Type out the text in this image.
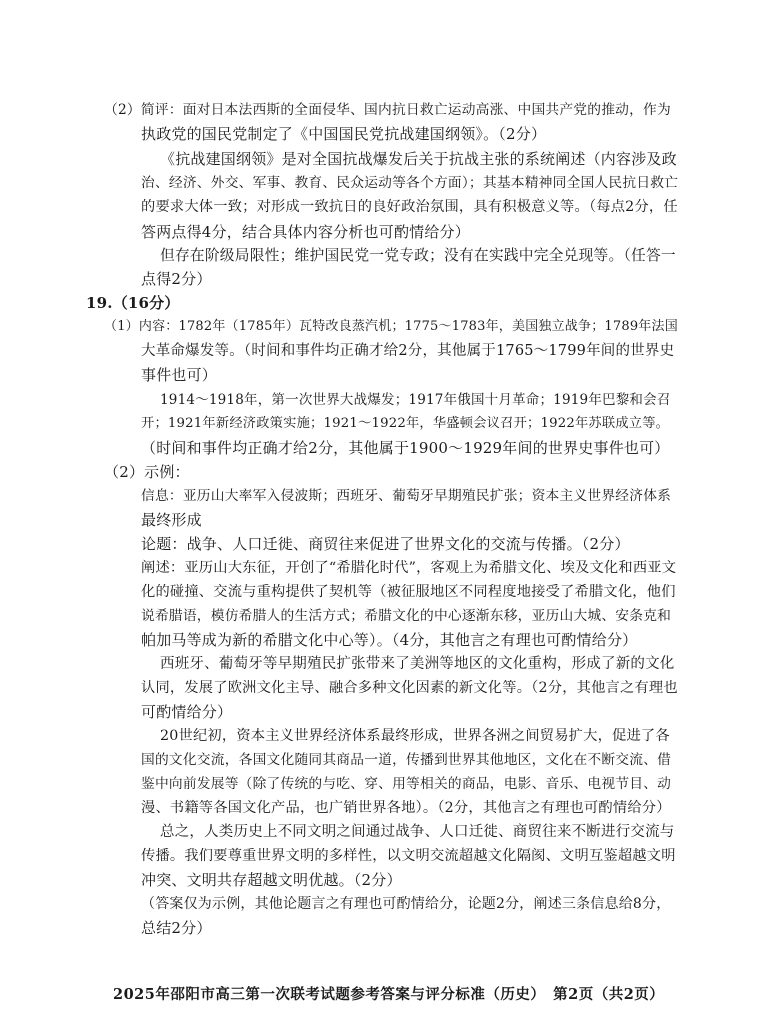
（2）简评：面对日本法西斯的全面侵华、国内抗日救亡运动高涨、中国共产党的推动，作为
执政党的国民党制定了《中国国民党抗战建国纲领》。（2分）
《抗战建国纲领》是对全国抗战爆发后关于抗战主张的系统阐述（内容涉及政
治、经济、外交、军事、教育、民众运动等各个方面）；其基本精神同全国人民抗日救亡
的要求大体一致；对形成一致抗日的良好政治氛围，具有积极意义等。（每点2分，任
答两点得4分，结合具体内容分析也可酌情给分）
但存在阶级局限性；维护国民党一党专政；没有在实践中完全兑现等。（任答一
点得2分）
19.（16分）
（1）内容：1782年（1785年）瓦特改良蒸汽机；1775～1783年，美国独立战争；1789年法国
大革命爆发等。（时间和事件均正确才给2分，其他属于1765～1799年间的世界史
事件也可）
1914～1918年，第一次世界大战爆发；1917年俄国十月革命；1919年巴黎和会召
开；1921年新经济政策实施；1921～1922年，华盛顿会议召开；1922年苏联成立等。
（时间和事件均正确才给2分，其他属于1900～1929年间的世界史事件也可）
（2）示例：
信息：亚历山大率军入侵波斯；西班牙、葡萄牙早期殖民扩张；资本主义世界经济体系
最终形成
论题：战争、人口迁徙、商贸往来促进了世界文化的交流与传播。（2分）
阐述：亚历山大东征，开创了“希腊化时代”，客观上为希腊文化、埃及文化和西亚文
化的碰撞、交流与重构提供了契机等（被征服地区不同程度地接受了希腊文化，他们
说希腊语，模仿希腊人的生活方式；希腊文化的中心逐渐东移，亚历山大城、安条克和
帕加马等成为新的希腊文化中心等）。（4分，其他言之有理也可酌情给分）
西班牙、葡萄牙等早期殖民扩张带来了美洲等地区的文化重构，形成了新的文化
认同，发展了欧洲文化主导、融合多种文化因素的新文化等。（2分，其他言之有理也
可酌情给分）
20世纪初，资本主义世界经济体系最终形成，世界各洲之间贸易扩大，促进了各
国的文化交流，各国文化随同其商品一道，传播到世界其他地区，文化在不断交流、借
鉴中向前发展等（除了传统的与吃、穿、用等相关的商品，电影、音乐、电视节目、动
漫、书籍等各国文化产品，也广销世界各地）。（2分，其他言之有理也可酌情给分）
总之，人类历史上不同文明之间通过战争、人口迁徙、商贸往来不断进行交流与
传播。我们要尊重世界文明的多样性，以文明交流超越文化隔阂、文明互鉴超越文明
冲突、文明共存超越文明优越。（2分）
（答案仅为示例，其他论题言之有理也可酌情给分，论题2分，阐述三条信息给8分，
总结2分）
2025年邵阳市高三第一次联考试题参考答案与评分标准（历史）　第2页（共2页）
